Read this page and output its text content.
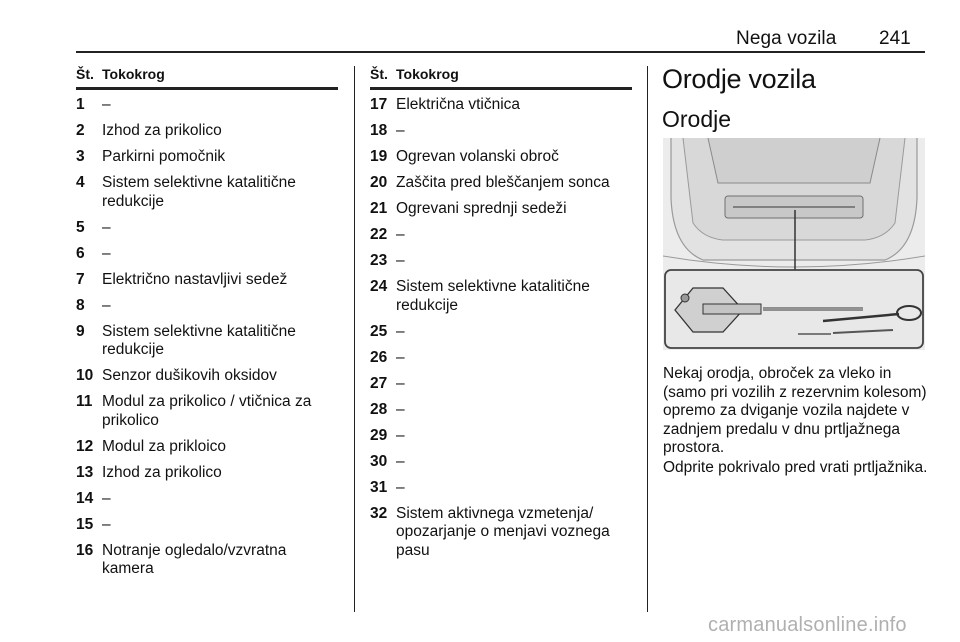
Nega vozila 241
Št. Tokokrog
1	–
2	Izhod za prikolico
3	Parkirni pomočnik
4	Sistem selektivne katalitične redukcije
5	–
6	–
7	Električno nastavljivi sedež
8	–
9	Sistem selektivne katalitične redukcije
10 Senzor dušikovih oksidov
11 Modul za prikolico / vtičnica za prikolico
12 Modul za prikloico
13 Izhod za prikolico
14 –
15 –
16 Notranje ogledalo/vzvratna kamera
Št. Tokokrog
17 Električna vtičnica
18 –
19 Ogrevan volanski obroč
20 Zaščita pred bleščanjem sonca
21 Ogrevani sprednji sedeži
22 –
23 –
24 Sistem selektivne katalitične redukcije
25 –
26 –
27 –
28 –
29 –
30 –
31 –
32 Sistem aktivnega vzmetenja/ opozarjanje o menjavi voznega pasu
Orodje vozila
Orodje

Nekaj orodja, obroček za vleko in (samo pri vozilih z rezervnim kolesom) opremo za dviganje vozila najdete v zadnjem predalu v dnu prtljažnega prostora.

Odprite pokrivalo pred vrati prtljažnika.

carmanualsonline.info
